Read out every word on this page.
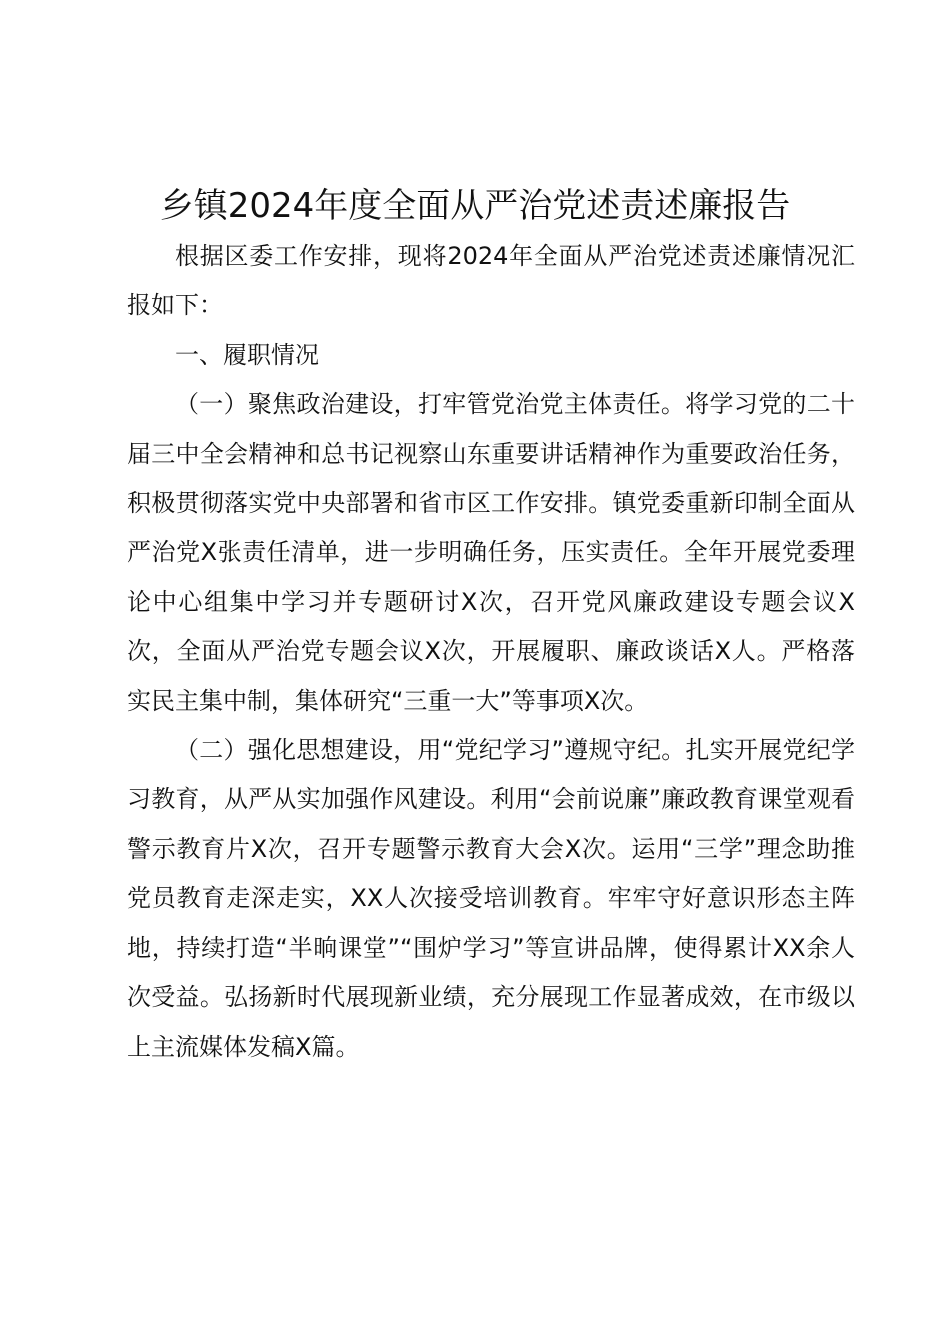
乡镇2024年度全面从严治党述责述廉报告

根据区委工作安排，现将2024年全面从严治党述责述廉情况汇报如下：

一、履职情况

（一）聚焦政治建设，打牢管党治党主体责任。将学习党的二十届三中全会精神和总书记视察山东重要讲话精神作为重要政治任务，积极贯彻落实党中央部署和省市区工作安排。镇党委重新印制全面从严治党X张责任清单，进一步明确任务，压实责任。全年开展党委理论中心组集中学习并专题研讨X次，召开党风廉政建设专题会议X次，全面从严治党专题会议X次，开展履职、廉政谈话X人。严格落实民主集中制，集体研究“三重一大”等事项X次。

（二）强化思想建设，用“党纪学习”遵规守纪。扎实开展党纪学习教育，从严从实加强作风建设。利用“会前说廉”廉政教育课堂观看警示教育片X次，召开专题警示教育大会X次。运用“三学”理念助推党员教育走深走实，XX人次接受培训教育。牢牢守好意识形态主阵地，持续打造“半晌课堂”“围炉学习”等宣讲品牌，使得累计XX余人次受益。弘扬新时代展现新业绩，充分展现工作显著成效，在市级以上主流媒体发稿X篇。
